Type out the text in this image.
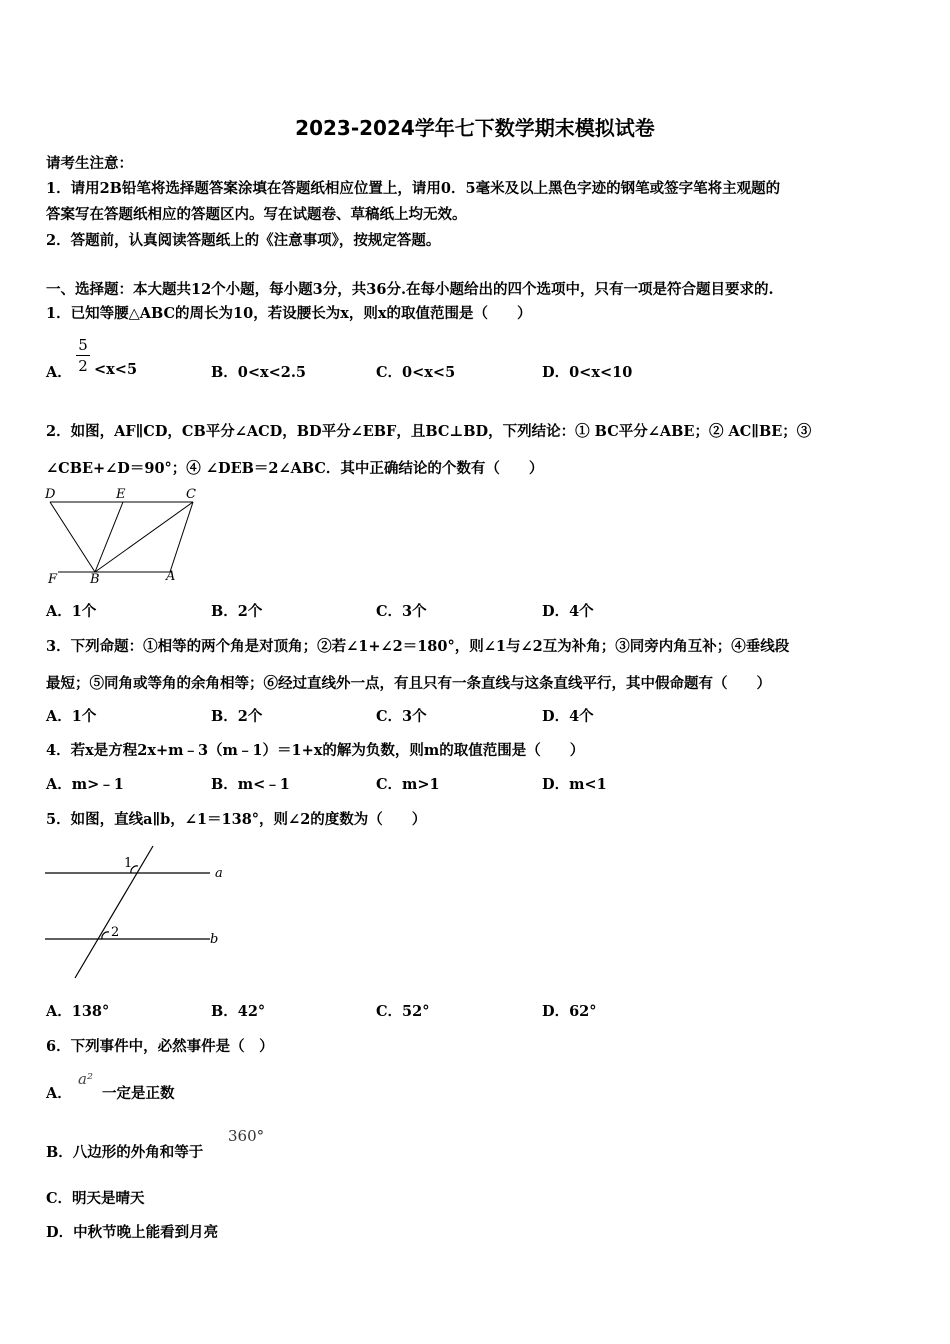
2023-2024学年七下数学期末模拟试卷
请考生注意：
1．请用2B铅笔将选择题答案涂填在答题纸相应位置上，请用0．5毫米及以上黑色字迹的钢笔或签字笔将主观题的
答案写在答题纸相应的答题区内。写在试题卷、草稿纸上均无效。
2．答题前，认真阅读答题纸上的《注意事项》，按规定答题。
一、选择题：本大题共12个小题，每小题3分，共36分.在每小题给出的四个选项中，只有一项是符合题目要求的.
1．已知等腰△ABC的周长为10，若设腰长为x，则x的取值范围是（　　）
A．
5
2 <x<5	B．0<x<2.5	C．0<x<5	D．0<x<10
2．如图，AF∥CD，CB平分∠ACD，BD平分∠EBF，且BC⊥BD，下列结论：① BC平分∠ABE；② AC∥BE；③
∠CBE+∠D＝90°；④ ∠DEB＝2∠ABC．其中正确结论的个数有（　　）
D	E	C
F	B	A
A．1个	B．2个	C．3个	D．4个
3．下列命题：①相等的两个角是对顶角；②若∠1+∠2＝180°，则∠1与∠2互为补角；③同旁内角互补；④垂线段
最短；⑤同角或等角的余角相等；⑥经过直线外一点，有且只有一条直线与这条直线平行，其中假命题有（　　）
A．1个	B．2个	C．3个	D．4个
4．若x是方程2x+m﹣3（m﹣1）＝1+x的解为负数，则m的取值范围是（　　）
A．m>﹣1	B．m<﹣1	C．m>1	D．m<1
5．如图，直线a∥b，∠1＝138°，则∠2的度数为（　　）
1
2
a
b
A．138°	B．42°	C．52°	D．62°
6．下列事件中，必然事件是（　）
A．
a²
一定是正数
B．八边形的外角和等于
360°
C．明天是晴天
D．中秋节晚上能看到月亮
